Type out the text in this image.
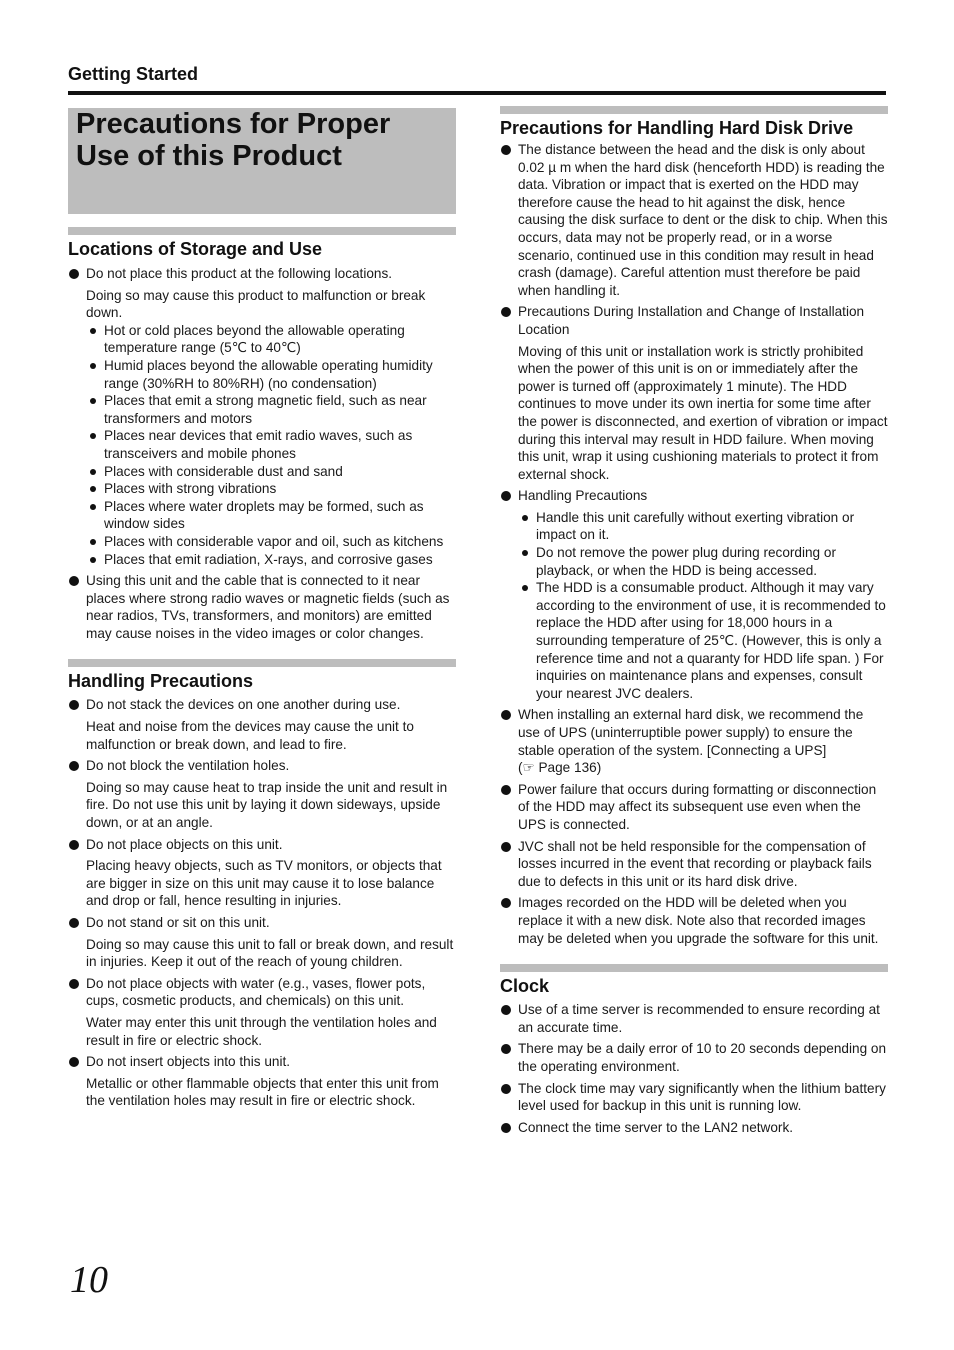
Getting Started
Precautions for Proper Use of this Product
Locations of Storage and Use

Do not place this product at the following locations.

Doing so may cause this product to malfunction or break down.

Hot or cold places beyond the allowable operating temperature range (5℃ to 40℃)
Humid places beyond the allowable operating humidity range (30%RH to 80%RH) (no condensation)
Places that emit a strong magnetic field, such as near transformers and motors
Places near devices that emit radio waves, such as transceivers and mobile phones
Places with considerable dust and sand
Places with strong vibrations
Places where water droplets may be formed, such as window sides
Places with considerable vapor and oil, such as kitchens
Places that emit radiation, X-rays, and corrosive gases

Using this unit and the cable that is connected to it near places where strong radio waves or magnetic fields (such as near radios, TVs, transformers, and monitors) are emitted may cause noises in the video images or color changes.

Handling Precautions

Do not stack the devices on one another during use.

Heat and noise from the devices may cause the unit to malfunction or break down, and lead to fire.

Do not block the ventilation holes.

Doing so may cause heat to trap inside the unit and result in fire. Do not use this unit by laying it down sideways, upside down, or at an angle.

Do not place objects on this unit.

Placing heavy objects, such as TV monitors, or objects that are bigger in size on this unit may cause it to lose balance and drop or fall, hence resulting in injuries.

Do not stand or sit on this unit.

Doing so may cause this unit to fall or break down, and result in injuries. Keep it out of the reach of young children.

Do not place objects with water (e.g., vases, flower pots, cups, cosmetic products, and chemicals) on this unit.

Water may enter this unit through the ventilation holes and result in fire or electric shock.

Do not insert objects into this unit.

Metallic or other flammable objects that enter this unit from the ventilation holes may result in fire or electric shock.

Precautions for Handling Hard Disk Drive

The distance between the head and the disk is only about 0.02 µ m when the hard disk (henceforth HDD) is reading the data. Vibration or impact that is exerted on the HDD may therefore cause the head to hit against the disk, hence causing the disk surface to dent or the disk to chip. When this occurs, data may not be properly read, or in a worse scenario, continued use in this condition may result in head crash (damage). Careful attention must therefore be paid when handling it.

Precautions During Installation and Change of Installation Location

Moving of this unit or installation work is strictly prohibited when the power of this unit is on or immediately after the power is turned off (approximately 1 minute). The HDD continues to move under its own inertia for some time after the power is disconnected, and exertion of vibration or impact during this interval may result in HDD failure. When moving this unit, wrap it using cushioning materials to protect it from external shock.

Handling Precautions

Handle this unit carefully without exerting vibration or impact on it.
Do not remove the power plug during recording or playback, or when the HDD is being accessed.
The HDD is a consumable product. Although it may vary according to the environment of use, it is recommended to replace the HDD after using for 18,000 hours in a surrounding temperature of 25℃. (However, this is only a reference time and not a quaranty for HDD life span. ) For inquiries on maintenance plans and expenses, consult your nearest JVC dealers.
When installing an external hard disk, we recommend the use of UPS (uninterruptible power supply) to ensure the stable operation of the system. [Connecting a UPS]
(☞ Page 136)

Power failure that occurs during formatting or disconnection of the HDD may affect its subsequent use even when the UPS is connected.

JVC shall not be held responsible for the compensation of losses incurred in the event that recording or playback fails due to defects in this unit or its hard disk drive.

Images recorded on the HDD will be deleted when you replace it with a new disk. Note also that recorded images may be deleted when you upgrade the software for this unit.

Clock

Use of a time server is recommended to ensure recording at an accurate time.

There may be a daily error of 10 to 20 seconds depending on the operating environment.

The clock time may vary significantly when the lithium battery level used for backup in this unit is running low.

Connect the time server to the LAN2 network.

10
